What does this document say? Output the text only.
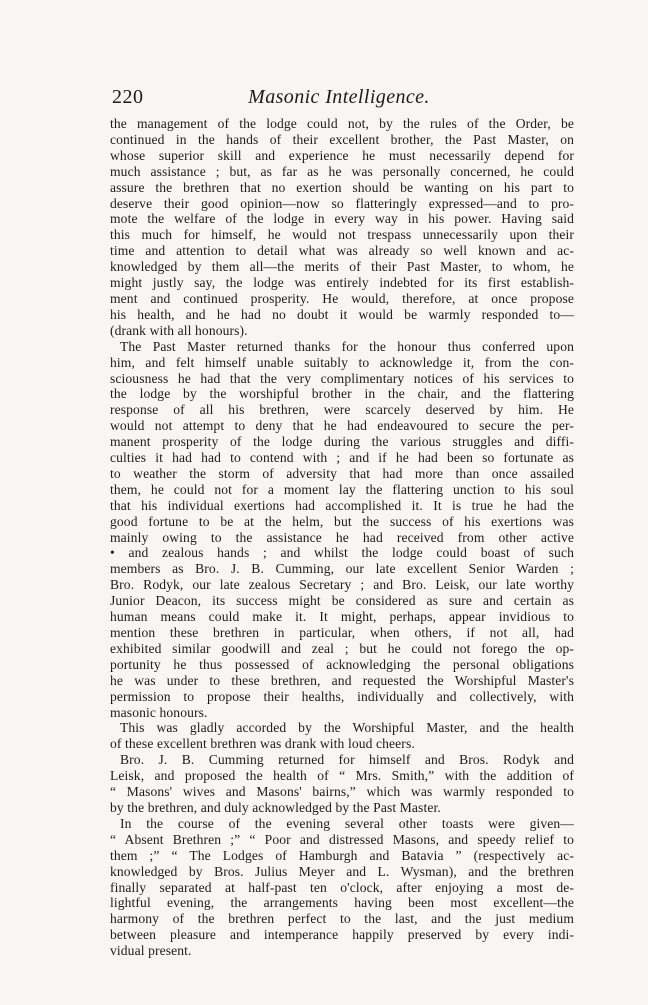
220	Masonic Intelligence.
the management of the lodge could not, by the rules of the Order, be
continued in the hands of their excellent brother, the Past Master, on
whose superior skill and experience he must necessarily depend for
much assistance ; but, as far as he was personally concerned, he could
assure the brethren that no exertion should be wanting on his part to
deserve their good opinion—now so flatteringly expressed—and to pro-
mote the welfare of the lodge in every way in his power. Having said
this much for himself, he would not trespass unnecessarily upon their
time and attention to detail what was already so well known and ac-
knowledged by them all—the merits of their Past Master, to whom, he
might justly say, the lodge was entirely indebted for its first establish-
ment and continued prosperity. He would, therefore, at once propose
his health, and he had no doubt it would be warmly responded to—
(drank with all honours).
The Past Master returned thanks for the honour thus conferred upon
him, and felt himself unable suitably to acknowledge it, from the con-
sciousness he had that the very complimentary notices of his services to
the lodge by the worshipful brother in the chair, and the flattering
response of all his brethren, were scarcely deserved by him. He
would not attempt to deny that he had endeavoured to secure the per-
manent prosperity of the lodge during the various struggles and diffi-
culties it had had to contend with ; and if he had been so fortunate as
to weather the storm of adversity that had more than once assailed
them, he could not for a moment lay the flattering unction to his soul
that his individual exertions had accomplished it. It is true he had the
good fortune to be at the helm, but the success of his exertions was
mainly owing to the assistance he had received from other active
• and zealous hands ; and whilst the lodge could boast of such
members as Bro. J. B. Cumming, our late excellent Senior Warden ;
Bro. Rodyk, our late zealous Secretary ; and Bro. Leisk, our late worthy
Junior Deacon, its success might be considered as sure and certain as
human means could make it. It might, perhaps, appear invidious to
mention these brethren in particular, when others, if not all, had
exhibited similar goodwill and zeal ; but he could not forego the op-
portunity he thus possessed of acknowledging the personal obligations
he was under to these brethren, and requested the Worshipful Master's
permission to propose their healths, individually and collectively, with
masonic honours.
This was gladly accorded by the Worshipful Master, and the health
of these excellent brethren was drank with loud cheers.
Bro. J. B. Cumming returned for himself and Bros. Rodyk and
Leisk, and proposed the health of “ Mrs. Smith,” with the addition of
“ Masons' wives and Masons' bairns,” which was warmly responded to
by the brethren, and duly acknowledged by the Past Master.
In the course of the evening several other toasts were given—
“ Absent Brethren ;” “ Poor and distressed Masons, and speedy relief to
them ;” “ The Lodges of Hamburgh and Batavia ” (respectively ac-
knowledged by Bros. Julius Meyer and L. Wysman), and the brethren
finally separated at half-past ten o'clock, after enjoying a most de-
lightful evening, the arrangements having been most excellent—the
harmony of the brethren perfect to the last, and the just medium
between pleasure and intemperance happily preserved by every indi-
vidual present.
